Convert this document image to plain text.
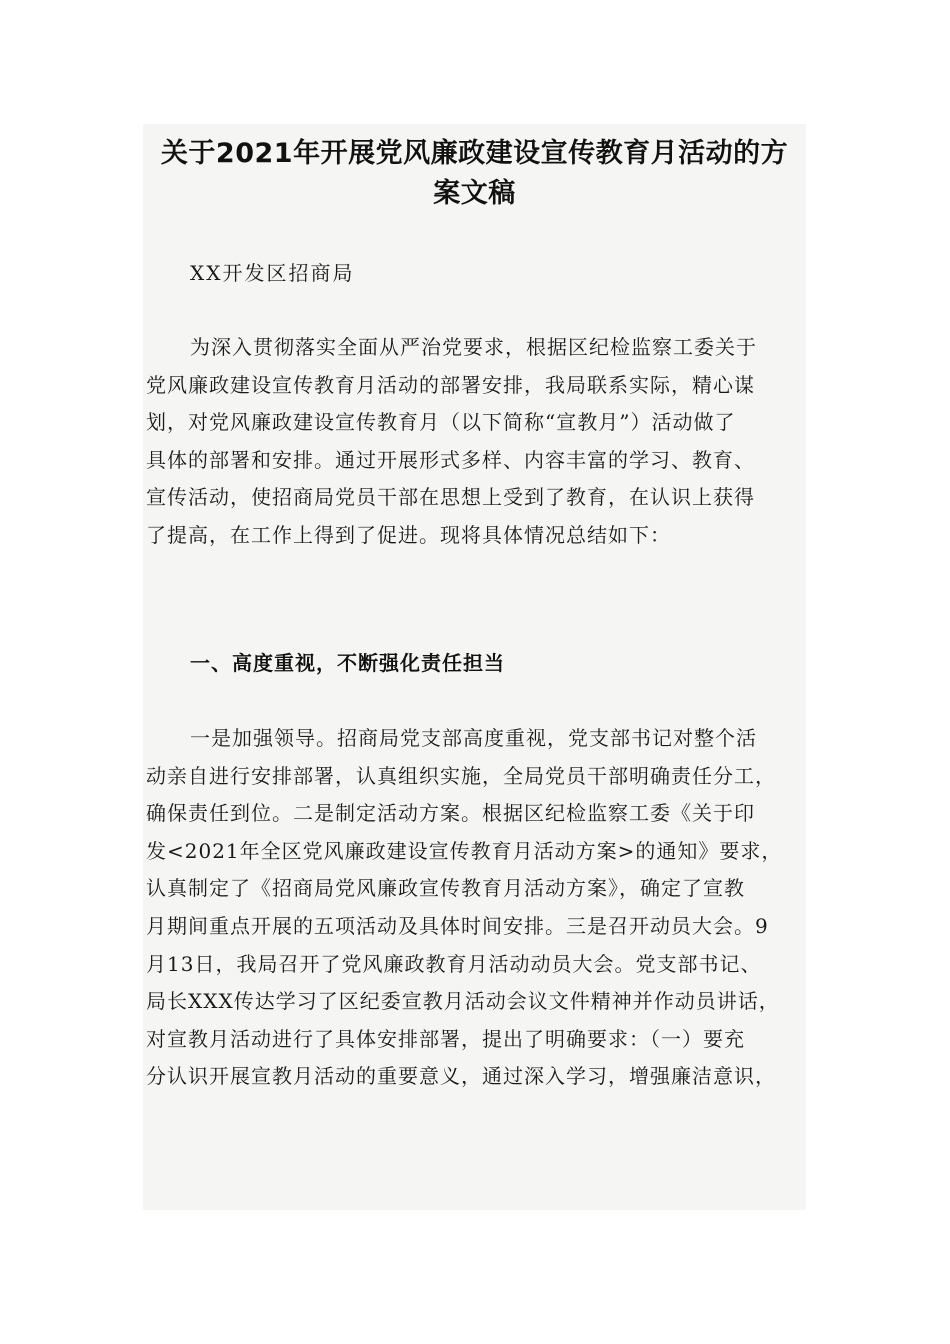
关于2021年开展党风廉政建设宣传教育月活动的方
案文稿
XX开发区招商局
为深入贯彻落实全面从严治党要求，根据区纪检监察工委关于
党风廉政建设宣传教育月活动的部署安排，我局联系实际，精心谋
划，对党风廉政建设宣传教育月（以下简称“宣教月”）活动做了
具体的部署和安排。通过开展形式多样、内容丰富的学习、教育、
宣传活动，使招商局党员干部在思想上受到了教育，在认识上获得
了提高，在工作上得到了促进。现将具体情况总结如下：
一、高度重视，不断强化责任担当
一是加强领导。招商局党支部高度重视，党支部书记对整个活
动亲自进行安排部署，认真组织实施，全局党员干部明确责任分工，
确保责任到位。二是制定活动方案。根据区纪检监察工委《关于印
发<2021年全区党风廉政建设宣传教育月活动方案>的通知》要求，
认真制定了《招商局党风廉政宣传教育月活动方案》，确定了宣教
月期间重点开展的五项活动及具体时间安排。三是召开动员大会。9
月13日，我局召开了党风廉政教育月活动动员大会。党支部书记、
局长XXX传达学习了区纪委宣教月活动会议文件精神并作动员讲话，
对宣教月活动进行了具体安排部署，提出了明确要求：（一）要充
分认识开展宣教月活动的重要意义，通过深入学习，增强廉洁意识，
